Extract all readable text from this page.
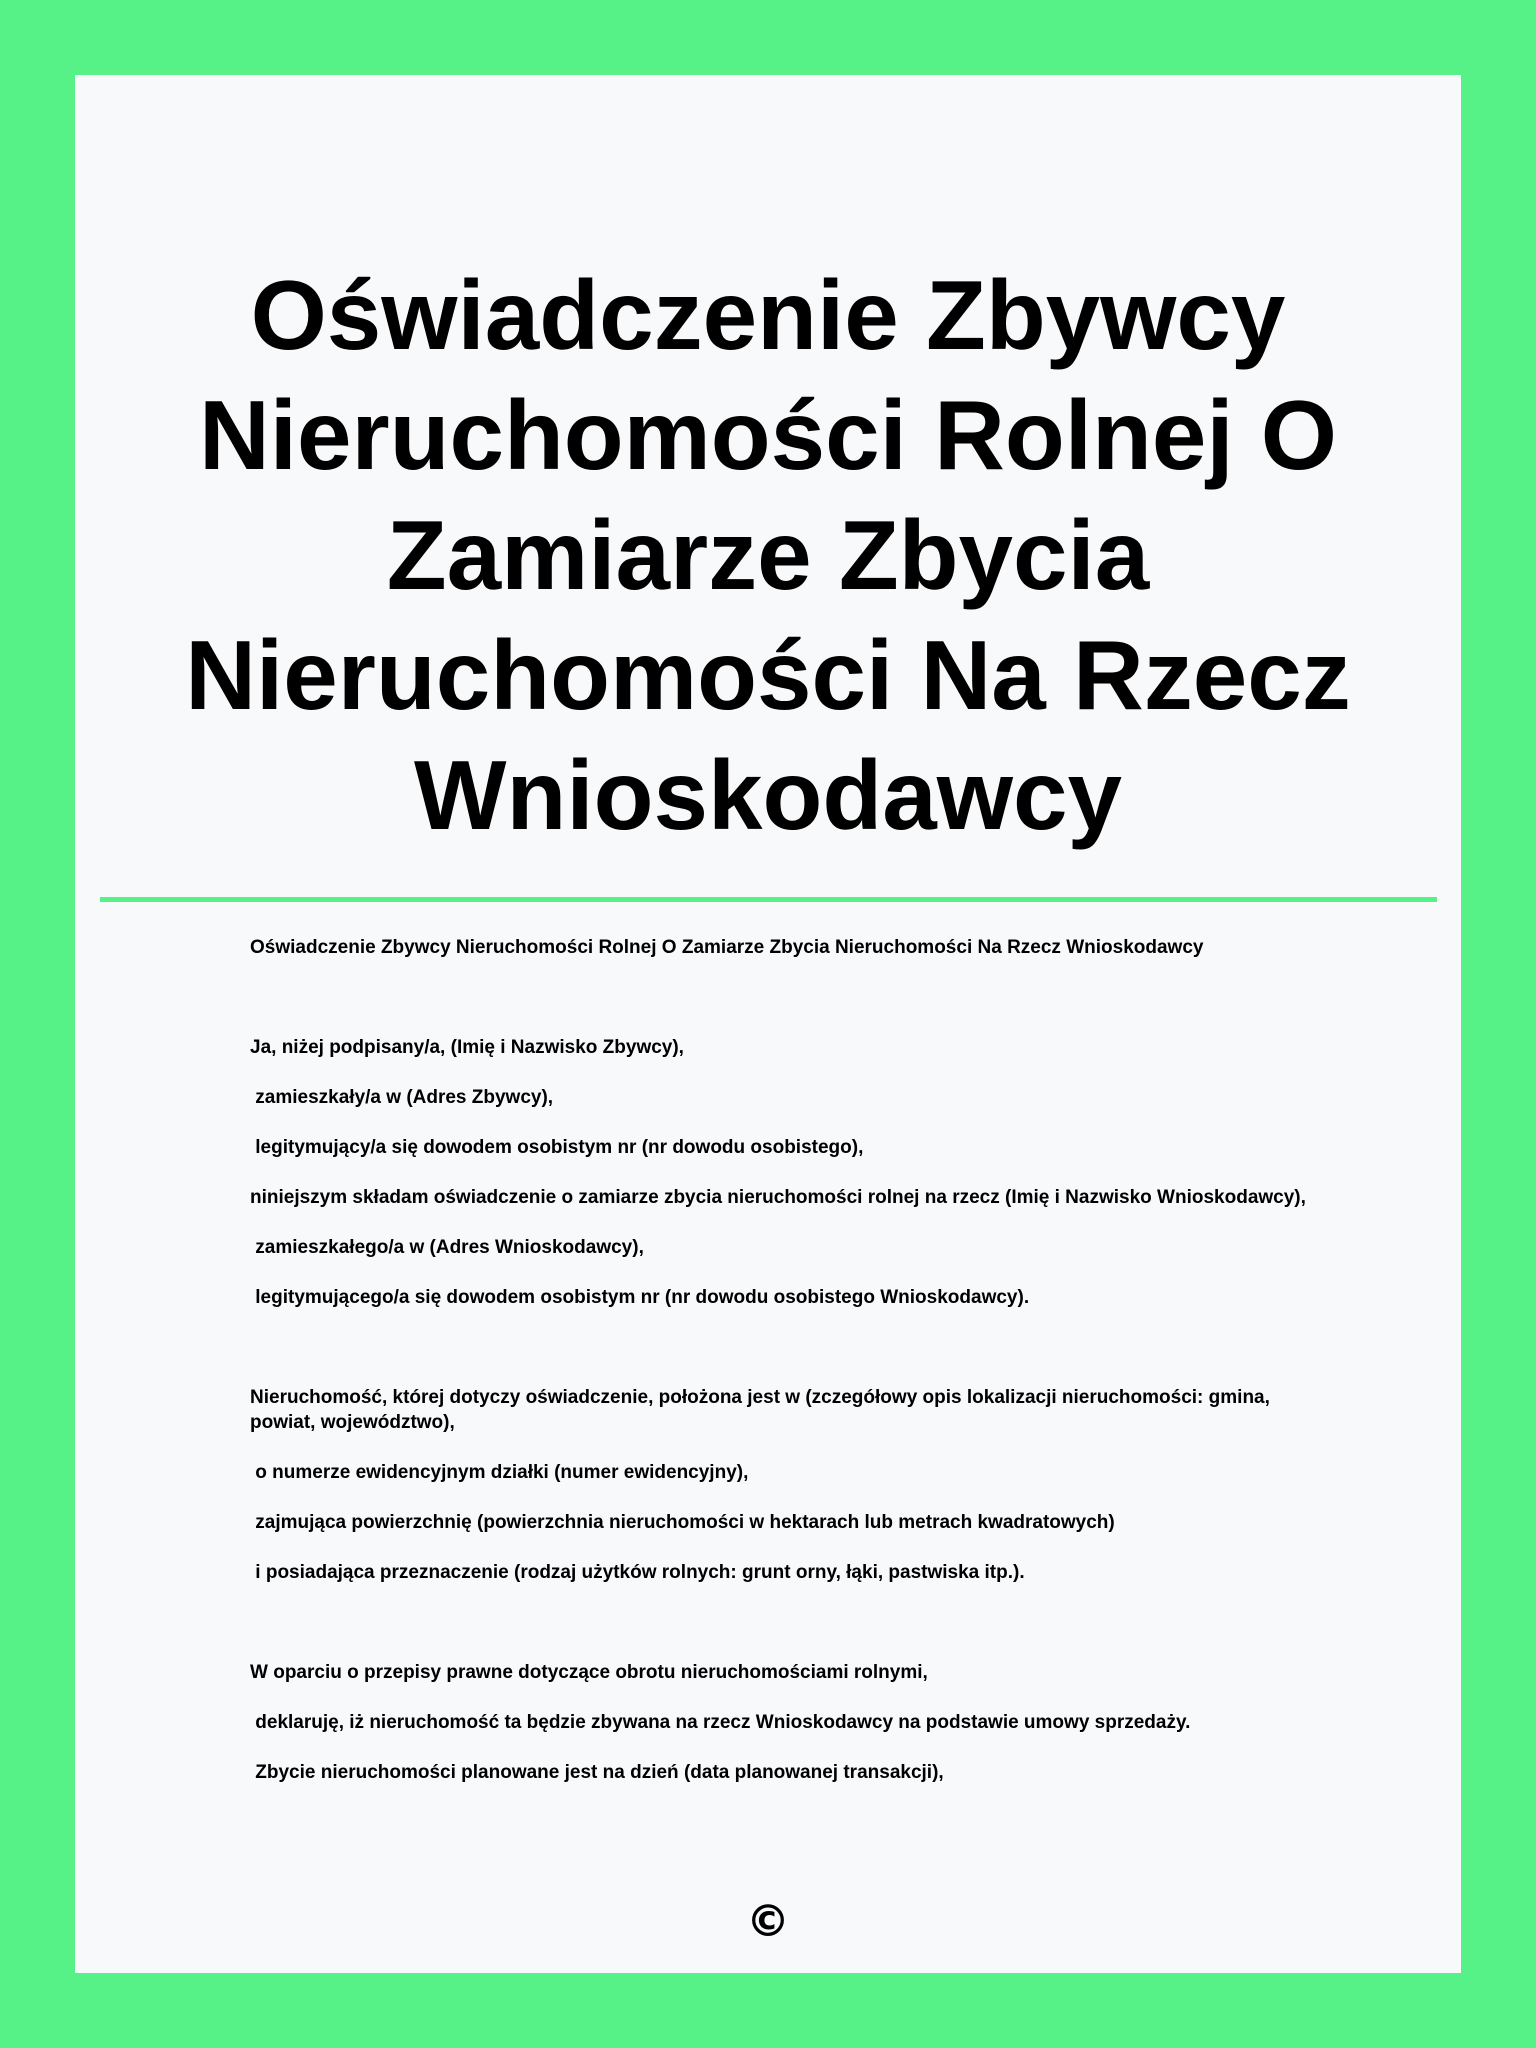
Oświadczenie Zbywcy Nieruchomości Rolnej O Zamiarze Zbycia Nieruchomości Na Rzecz Wnioskodawcy

Oświadczenie Zbywcy Nieruchomości Rolnej O Zamiarze Zbycia Nieruchomości Na Rzecz Wnioskodawcy

Ja, niżej podpisany/a, (Imię i Nazwisko Zbywcy),

zamieszkały/a w (Adres Zbywcy),

legitymujący/a się dowodem osobistym nr (nr dowodu osobistego),

niniejszym składam oświadczenie o zamiarze zbycia nieruchomości rolnej na rzecz (Imię i Nazwisko Wnioskodawcy),

zamieszkałego/a w (Adres Wnioskodawcy),

legitymującego/a się dowodem osobistym nr (nr dowodu osobistego Wnioskodawcy).

Nieruchomość, której dotyczy oświadczenie, położona jest w (zczegółowy opis lokalizacji nieruchomości: gmina, powiat, województwo),

o numerze ewidencyjnym działki (numer ewidencyjny),

zajmująca powierzchnię (powierzchnia nieruchomości w hektarach lub metrach kwadratowych)

i posiadająca przeznaczenie (rodzaj użytków rolnych: grunt orny, łąki, pastwiska itp.).

W oparciu o przepisy prawne dotyczące obrotu nieruchomościami rolnymi,

deklaruję, iż nieruchomość ta będzie zbywana na rzecz Wnioskodawcy na podstawie umowy sprzedaży.

Zbycie nieruchomości planowane jest na dzień (data planowanej transakcji),

©
